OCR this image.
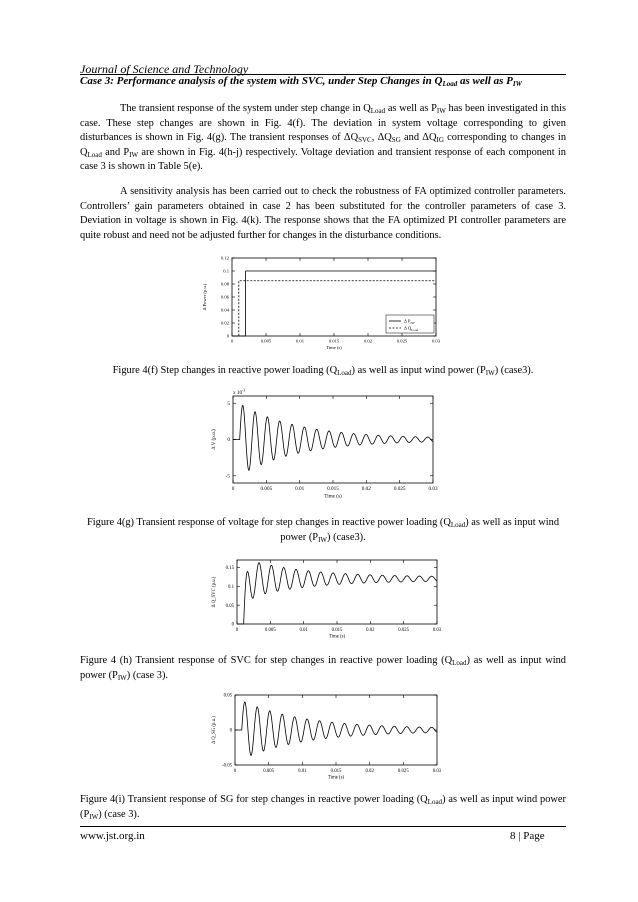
Journal of Science and Technology
Case 3: Performance analysis of the system with SVC, under Step Changes in $Q_{Load}$ as well as $P_{IW}$

The transient response of the system under step change in $Q_{Load}$ as well as $P_{IW}$ has been investigated in this case. These step changes are shown in Fig. 4(f). The deviation in system voltage corresponding to given disturbances is shown in Fig. 4(g). The transient responses of $\Delta Q_{SVC}$, $\Delta Q_{SG}$ and $\Delta Q_{IG}$ corresponding to changes in $Q_{Load}$ and $P_{IW}$ are shown in Fig. 4(h-j) respectively. Voltage deviation and transient response of each component in case 3 is shown in Table 5(e).

A sensitivity analysis has been carried out to check the robustness of FA optimized controller parameters. Controllers’ gain parameters obtained in case 2 has been substituted for the controller parameters of case 3. Deviation in voltage is shown in Fig. 4(k). The response shows that the FA optimized PI controller parameters are quite robust and need not be adjusted further for changes in the disturbance conditions.

0	0.005	0.01	0.015	0.02	0.025	0.03
0
0.02
0.04
0.06
0.08
0.1
0.12
Time (s)
Δ Power (p.u.)
Δ $P_{IW}$
Δ $Q_{Load}$
Figure 4(f) Step changes in reactive power loading $(Q_{Load})$ as well as input wind power $(P_{IW})$ (case3).
0	0.005	0.01	0.015	0.02	0.025	0.03
5
0
-5
Time (s)
Δ V (p.u.)
x $10^{-3}$
Figure 4(g) Transient response of voltage for step changes in reactive power loading $(Q_{Load})$ as well as input wind power $(P_{IW})$ (case3).
0	0.005	0.01	0.015	0.02	0.025	0.03
0
0.05
0.1
0.15
Time (s)
Δ Q_SVC (p.u.)
Figure 4 (h) Transient response of SVC for step changes in reactive power loading $(Q_{Load})$ as well as input wind power $(P_{IW})$ (case 3).
0	0.005	0.01	0.015	0.02	0.025	0.03
0.05
0
-0.05
Time (s)
Δ Q_SG (p.u.)
Figure 4(i) Transient response of SG for step changes in reactive power loading $(Q_{Load})$ as well as input wind power $(P_{IW})$ (case 3).
www.jst.org.in	8 | Page
